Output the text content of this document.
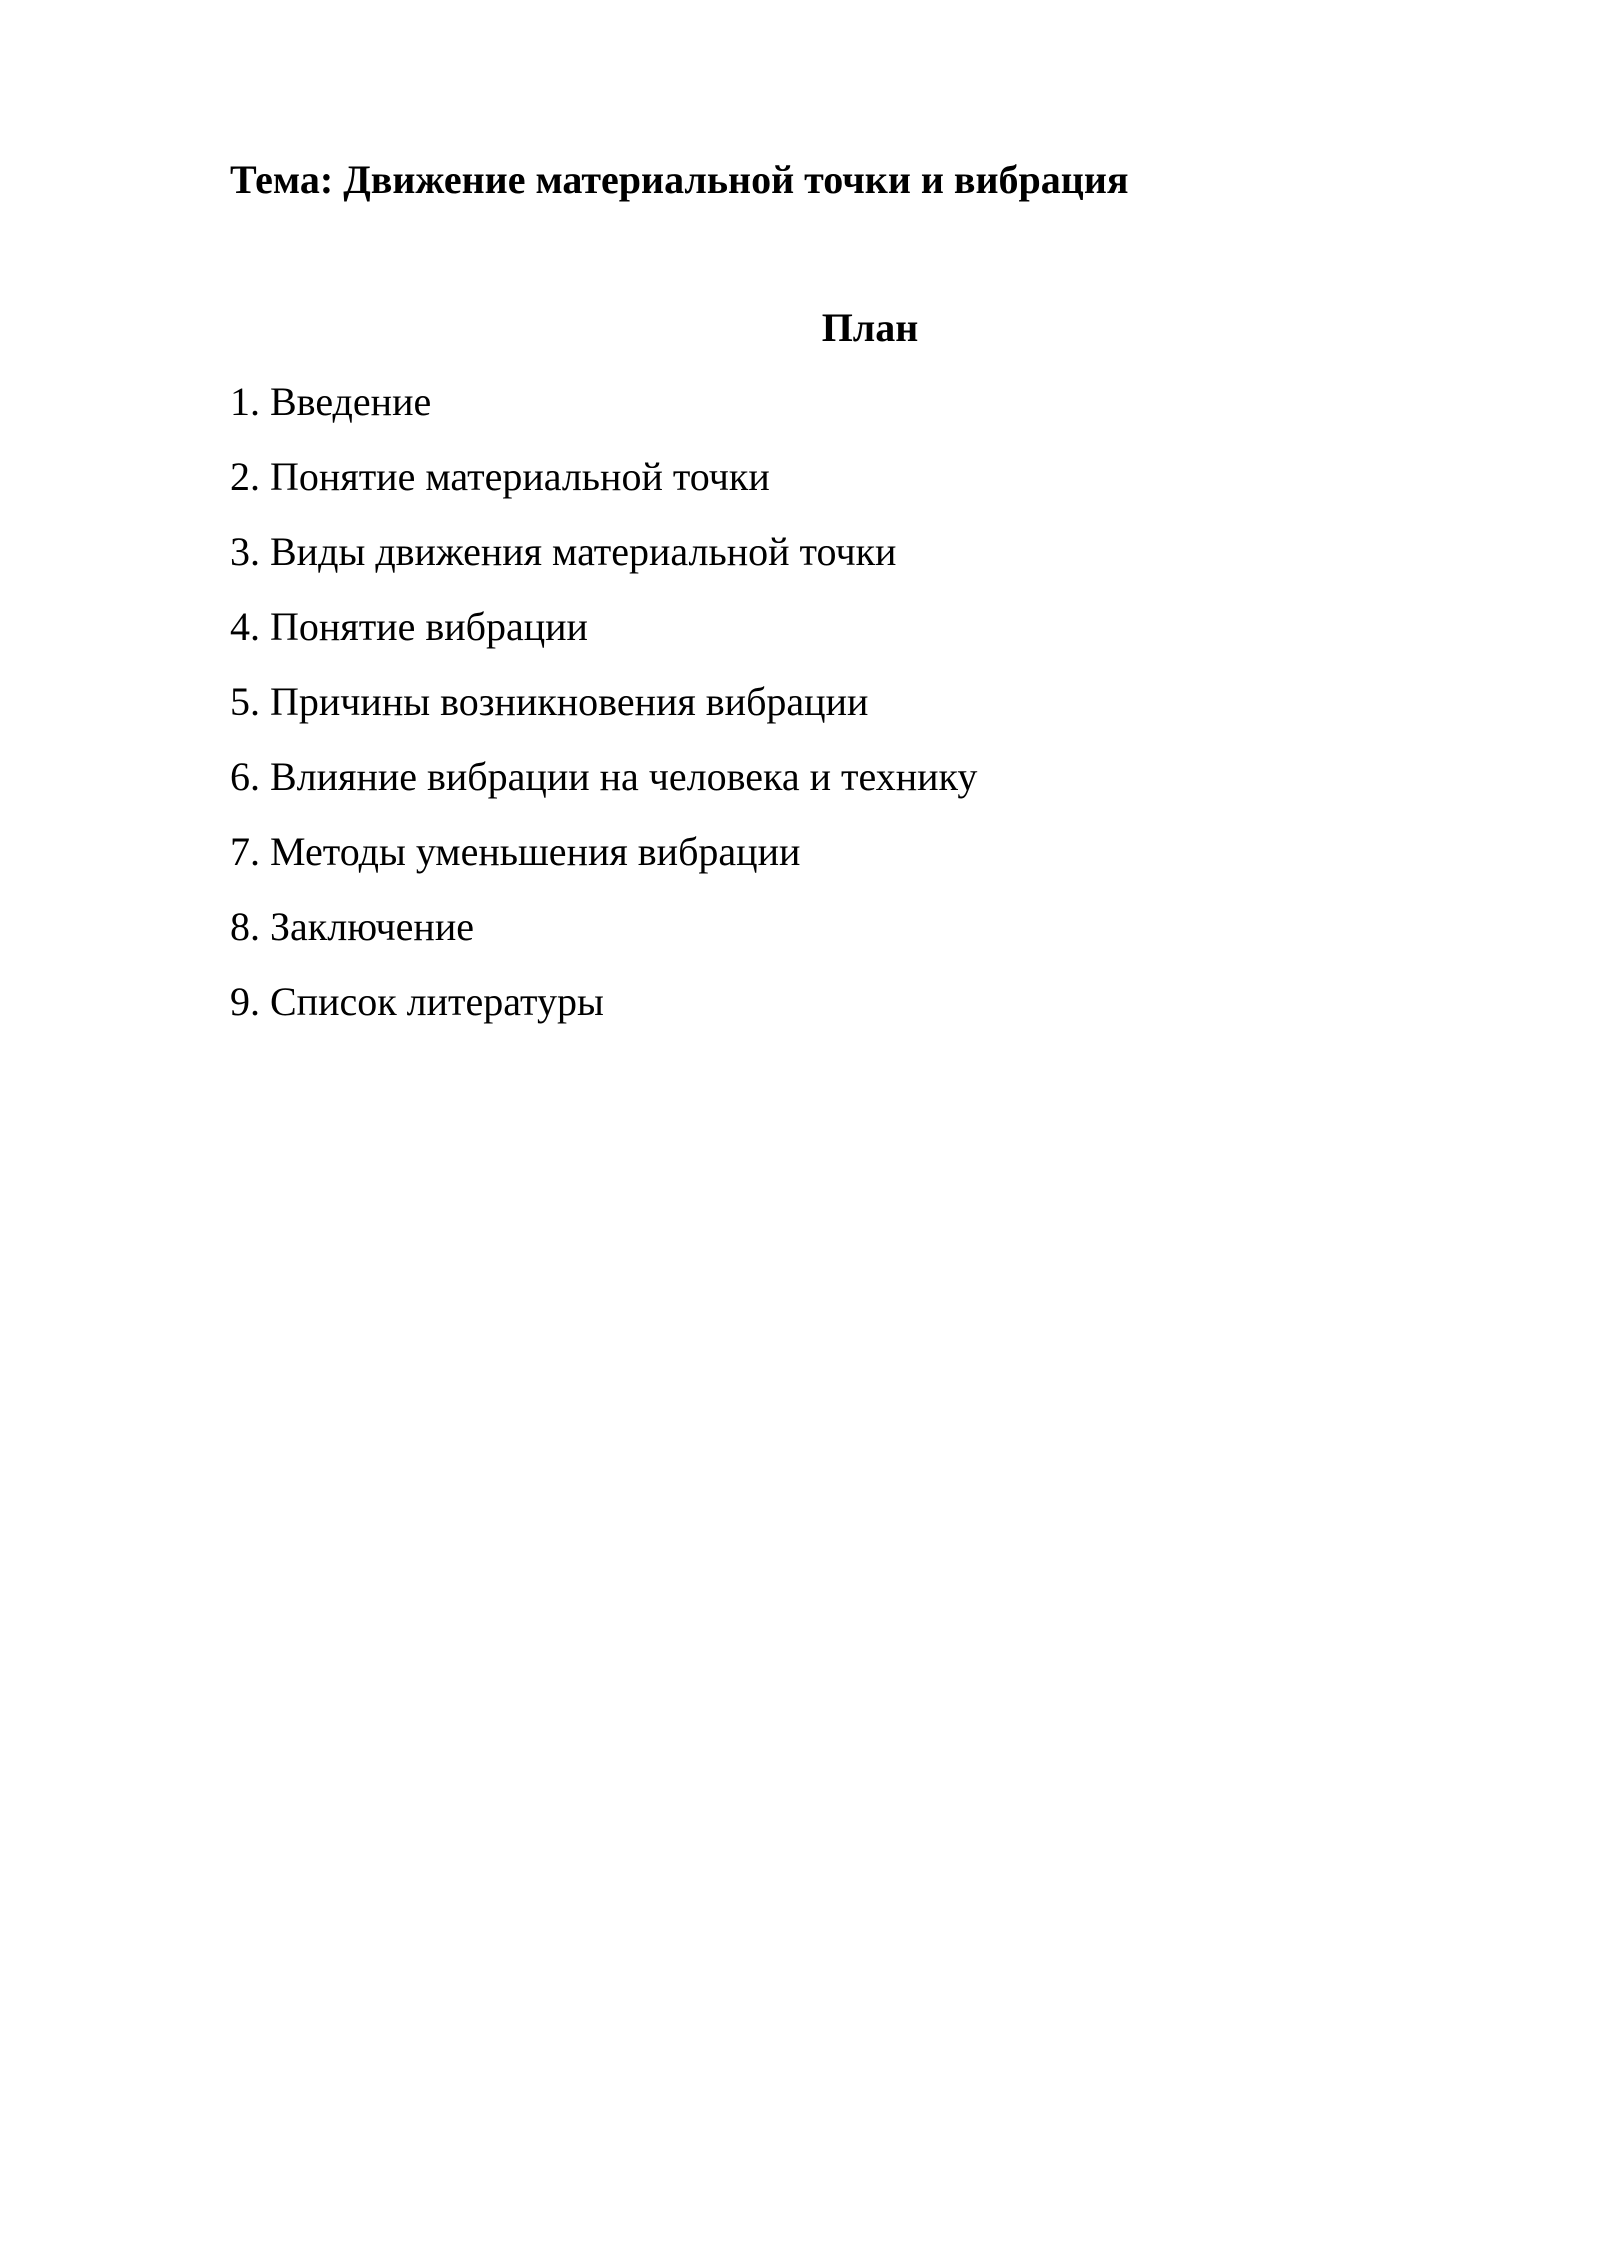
Тема: Движение материальной точки и вибрация
План
1. Введение
2. Понятие материальной точки
3. Виды движения материальной точки
4. Понятие вибрации
5. Причины возникновения вибрации
6. Влияние вибрации на человека и технику
7. Методы уменьшения вибрации
8. Заключение
9. Список литературы
